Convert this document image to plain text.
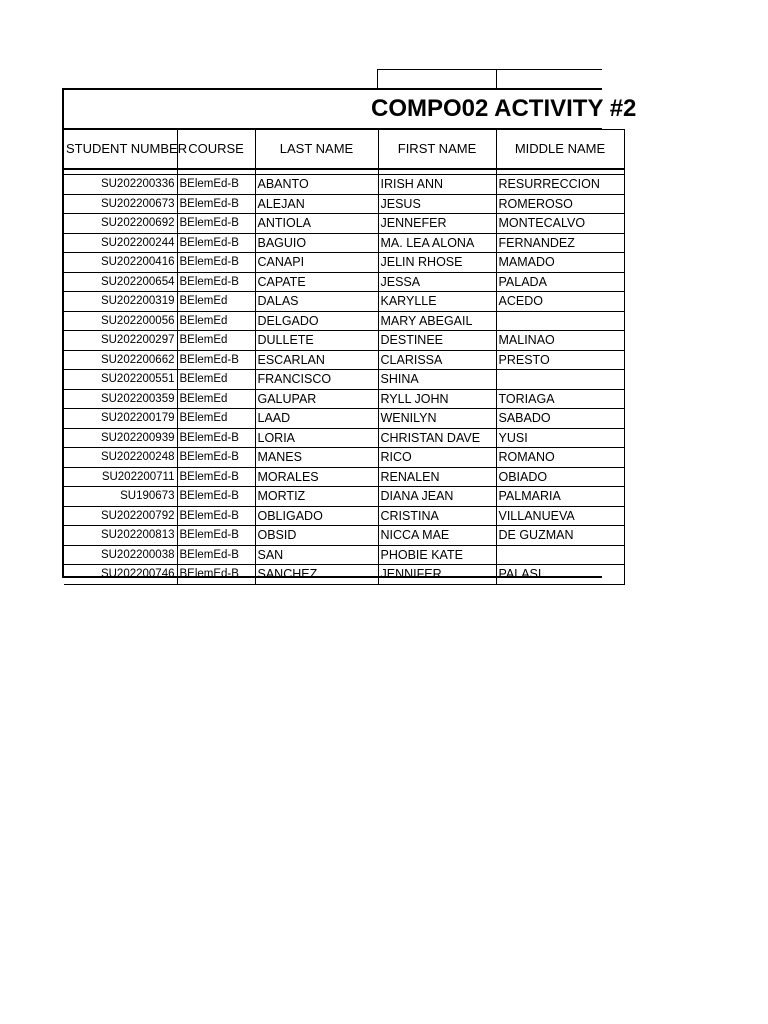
COMPO02 ACTIVITY #2
STUDENT NUMBER	COURSE	LAST NAME	FIRST NAME	MIDDLE NAME

SU202200336	BElemEd-B	ABANTO	IRISH ANN	RESURRECCION
SU202200673	BElemEd-B	ALEJAN	JESUS	ROMEROSO
SU202200692	BElemEd-B	ANTIOLA	JENNEFER	MONTECALVO
SU202200244	BElemEd-B	BAGUIO	MA. LEA ALONA	FERNANDEZ
SU202200416	BElemEd-B	CANAPI	JELIN RHOSE	MAMADO
SU202200654	BElemEd-B	CAPATE	JESSA	PALADA
SU202200319	BElemEd	DALAS	KARYLLE	ACEDO
SU202200056	BElemEd	DELGADO	MARY ABEGAIL	
SU202200297	BElemEd	DULLETE	DESTINEE	MALINAO
SU202200662	BElemEd-B	ESCARLAN	CLARISSA	PRESTO
SU202200551	BElemEd	FRANCISCO	SHINA	
SU202200359	BElemEd	GALUPAR	RYLL JOHN	TORIAGA
SU202200179	BElemEd	LAAD	WENILYN	SABADO
SU202200939	BElemEd-B	LORIA	CHRISTAN DAVE	YUSI
SU202200248	BElemEd-B	MANES	RICO	ROMANO
SU202200711	BElemEd-B	MORALES	RENALEN	OBIADO
SU190673	BElemEd-B	MORTIZ	DIANA JEAN	PALMARIA
SU202200792	BElemEd-B	OBLIGADO	CRISTINA	VILLANUEVA
SU202200813	BElemEd-B	OBSID	NICCA MAE	DE GUZMAN
SU202200038	BElemEd-B	SAN	PHOBIE KATE	
SU202200746	BElemEd-B	SANCHEZ	JENNIFER	PALASI
